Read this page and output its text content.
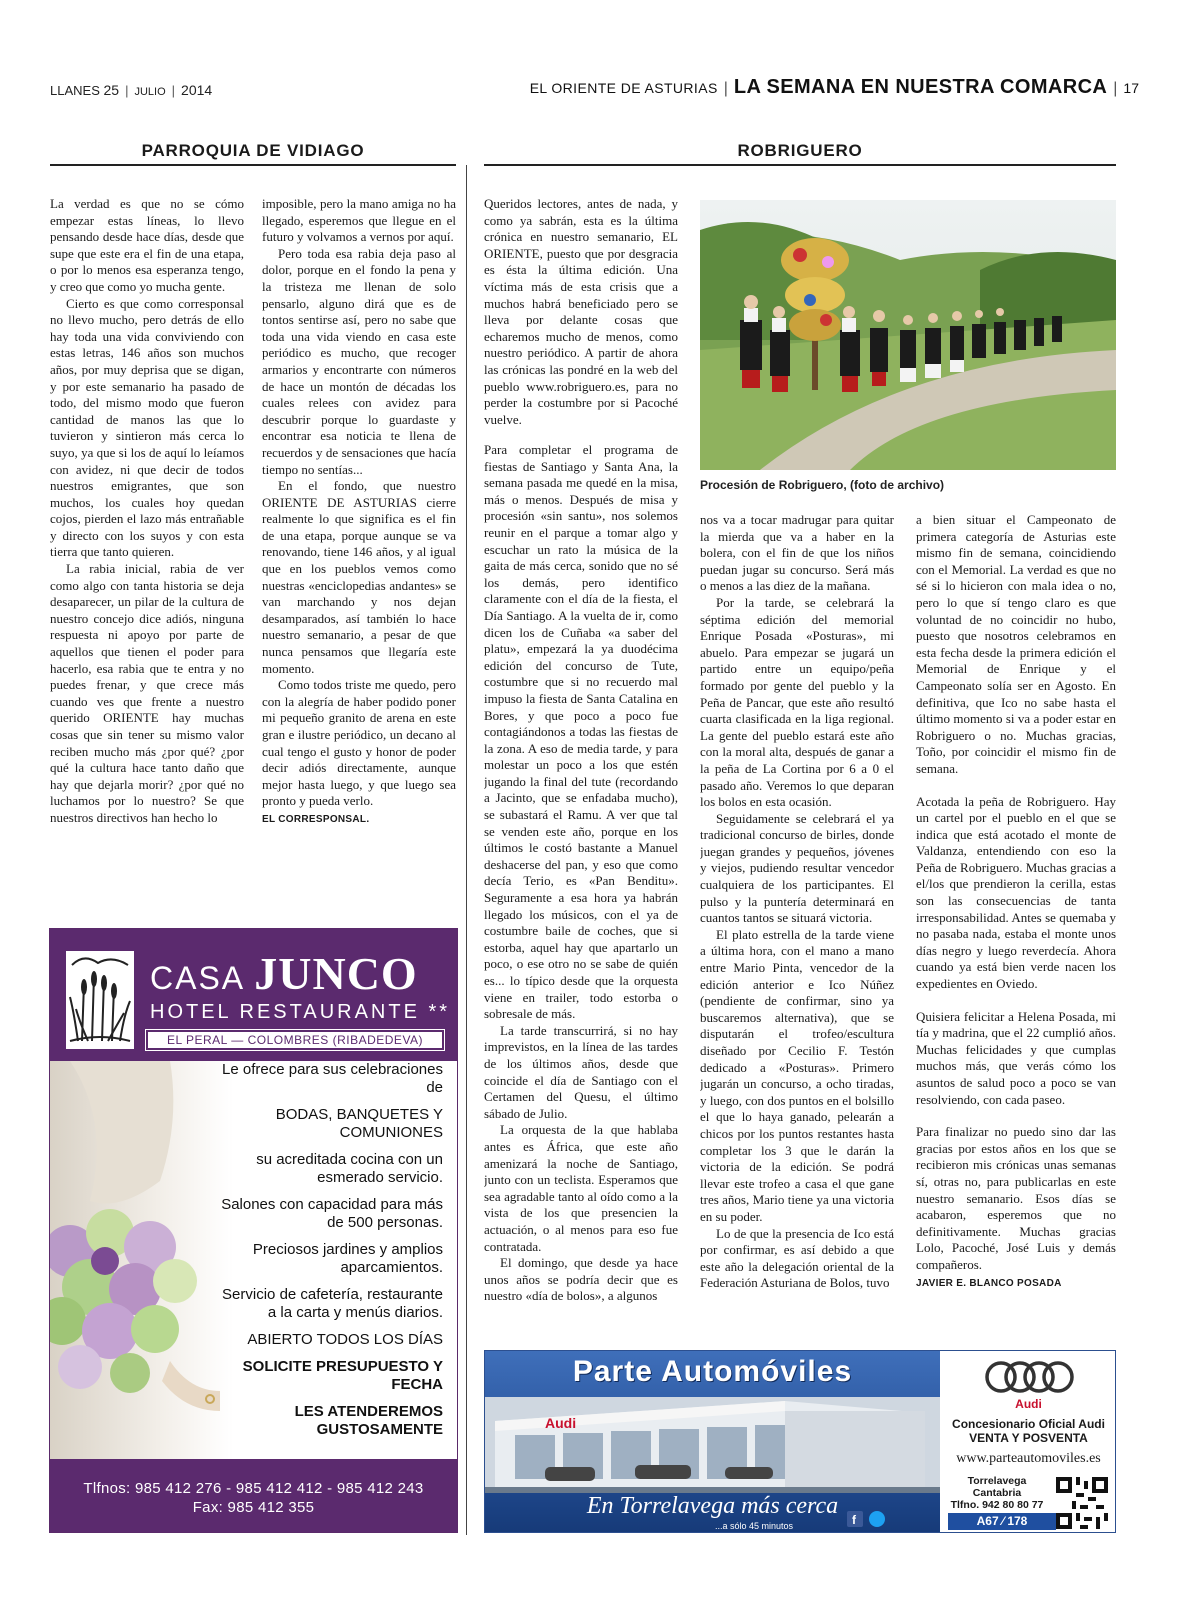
LLANES 25 | JULIO | 2014	EL ORIENTE DE ASTURIAS | LA SEMANA EN NUESTRA COMARCA | 17
PARROQUIA DE VIDIAGO	ROBRIGUERO

La verdad es que no se cómo empezar estas líneas, lo llevo pensando desde hace días, desde que supe que este era el fin de una etapa, o por lo menos esa esperanza tengo, y creo que como yo mucha gente.

Cierto es que como corresponsal no llevo mucho, pero detrás de ello hay toda una vida conviviendo con estas letras, 146 años son muchos años, por muy deprisa que se digan, y por este semanario ha pasado de todo, del mismo modo que fueron cantidad de manos las que lo tuvieron y sintieron más cerca lo suyo, ya que si los de aquí lo leíamos con avidez, ni que decir de todos nuestros emigrantes, que son muchos, los cuales hoy quedan cojos, pierden el lazo más entrañable y directo con los suyos y con esta tierra que tanto quieren.

La rabia inicial, rabia de ver como algo con tanta historia se deja desaparecer, un pilar de la cultura de nuestro concejo dice adiós, ninguna respuesta ni apoyo por parte de aquellos que tienen el poder para hacerlo, esa rabia que te entra y no puedes frenar, y que crece más cuando ves que frente a nuestro querido ORIENTE hay muchas cosas que sin tener su mismo valor reciben mucho más ¿por qué? ¿por qué la cultura hace tanto daño que hay que dejarla morir? ¿por qué no luchamos por lo nuestro? Se que nuestros directivos han hecho lo

imposible, pero la mano amiga no ha llegado, esperemos que llegue en el futuro y volvamos a vernos por aquí.

Pero toda esa rabia deja paso al dolor, porque en el fondo la pena y la tristeza me llenan de solo pensarlo, alguno dirá que es de tontos sentirse así, pero no sabe que toda una vida viendo en casa este periódico es mucho, que recoger armarios y encontrarte con números de hace un montón de décadas los cuales relees con avidez para descubrir porque lo guardaste y encontrar esa noticia te llena de recuerdos y de sensaciones que hacía tiempo no sentías...

En el fondo, que nuestro ORIENTE DE ASTURIAS cierre realmente lo que significa es el fin de una etapa, porque aunque se va renovando, tiene 146 años, y al igual que en los pueblos vemos como nuestras «enciclopedias andantes» se van marchando y nos dejan desamparados, así también lo hace nuestro semanario, a pesar de que nunca pensamos que llegaría este momento.

Como todos triste me quedo, pero con la alegría de haber podido poner mi pequeño granito de arena en este gran e ilustre periódico, un decano al cual tengo el gusto y honor de poder decir adiós directamente, aunque mejor hasta luego, y que luego sea pronto y pueda verlo.

EL CORRESPONSAL.
CASA JUNCO
HOTEL RESTAURANTE **
EL PERAL — COLOMBRES (RIBADEDEVA)
Le ofrece para sus celebraciones de
BODAS, BANQUETES Y COMUNIONES
su acreditada cocina con un esmerado servicio.
Salones con capacidad para más de 500 personas.
Preciosos jardines y amplios aparcamientos.
Servicio de cafetería, restaurante a la carta y menús diarios.
ABIERTO TODOS LOS DÍAS
SOLICITE PRESUPUESTO Y FECHA
LES ATENDEREMOS GUSTOSAMENTE
Tlfnos: 985 412 276 - 985 412 412 - 985 412 243
Fax: 985 412 355

Queridos lectores, antes de nada, y como ya sabrán, esta es la última crónica en nuestro semanario, EL ORIENTE, puesto que por desgracia es ésta la última edición. Una víctima más de esta crisis que a muchos habrá beneficiado pero se lleva por delante cosas que echaremos mucho de menos, como nuestro periódico. A partir de ahora las crónicas las pondré en la web del pueblo www.robriguero.es, para no perder la costumbre por si Pacoché vuelve.

Procesión de Robriguero, (foto de archivo)

Para completar el programa de fiestas de Santiago y Santa Ana, la semana pasada me quedé en la misa, más o menos. Después de misa y procesión «sin santu», nos solemos reunir en el parque a tomar algo y escuchar un rato la música de la gaita de más cerca, sonido que no sé los demás, pero identifico claramente con el día de la fiesta, el Día Santiago. A la vuelta de ir, como dicen los de Cuñaba «a saber del platu», empezará la ya duodécima edición del concurso de Tute, costumbre que si no recuerdo mal impuso la fiesta de Santa Catalina en Bores, y que poco a poco fue contagiándonos a todas las fiestas de la zona. A eso de media tarde, y para molestar un poco a los que estén jugando la final del tute (recordando a Jacinto, que se enfadaba mucho), se subastará el Ramu. A ver que tal se venden este año, porque en los últimos le costó bastante a Manuel deshacerse del pan, y eso que como decía Terio, es «Pan Benditu». Seguramente a esa hora ya habrán llegado los músicos, con el ya de costumbre baile de coches, que si estorba, aquel hay que apartarlo un poco, o ese otro no se sabe de quién es... lo típico desde que la orquesta viene en trailer, todo estorba o sobresale de más.

La tarde transcurrirá, si no hay imprevistos, en la línea de las tardes de los últimos años, desde que coincide el día de Santiago con el Certamen del Quesu, el último sábado de Julio.

La orquesta de la que hablaba antes es África, que este año amenizará la noche de Santiago, junto con un teclista. Esperamos que sea agradable tanto al oído como a la vista de los que presencien la actuación, o al menos para eso fue contratada.

El domingo, que desde ya hace unos años se podría decir que es nuestro «día de bolos», a algunos

nos va a tocar madrugar para quitar la mierda que va a haber en la bolera, con el fin de que los niños puedan jugar su concurso. Será más o menos a las diez de la mañana.

Por la tarde, se celebrará la séptima edición del memorial Enrique Posada «Posturas», mi abuelo. Para empezar se jugará un partido entre un equipo/peña formado por gente del pueblo y la Peña de Pancar, que este año resultó cuarta clasificada en la liga regional. La gente del pueblo estará este año con la moral alta, después de ganar a la peña de La Cortina por 6 a 0 el pasado año. Veremos lo que deparan los bolos en esta ocasión.

Seguidamente se celebrará el ya tradicional concurso de birles, donde juegan grandes y pequeños, jóvenes y viejos, pudiendo resultar vencedor cualquiera de los participantes. El pulso y la puntería determinará en cuantos tantos se situará victoria.

El plato estrella de la tarde viene a última hora, con el mano a mano entre Mario Pinta, vencedor de la edición anterior e Ico Núñez (pendiente de confirmar, sino ya buscaremos alternativa), que se disputarán el trofeo/escultura diseñado por Cecilio F. Testón dedicado a «Posturas». Primero jugarán un concurso, a ocho tiradas, y luego, con dos puntos en el bolsillo el que lo haya ganado, pelearán a chicos por los puntos restantes hasta completar los 3 que le darán la victoria de la edición. Se podrá llevar este trofeo a casa el que gane tres años, Mario tiene ya una victoria en su poder.

Lo de que la presencia de Ico está por confirmar, es así debido a que este año la delegación oriental de la Federación Asturiana de Bolos, tuvo

a bien situar el Campeonato de primera categoría de Asturias este mismo fin de semana, coincidiendo con el Memorial. La verdad es que no sé si lo hicieron con mala idea o no, pero lo que sí tengo claro es que voluntad de no coincidir no hubo, puesto que nosotros celebramos en esta fecha desde la primera edición el Memorial de Enrique y el Campeonato solía ser en Agosto. En definitiva, que Ico no sabe hasta el último momento si va a poder estar en Robriguero o no. Muchas gracias, Toño, por coincidir el mismo fin de semana.

Acotada la peña de Robriguero. Hay un cartel por el pueblo en el que se indica que está acotado el monte de Valdanza, entendiendo con eso la Peña de Robriguero. Muchas gracias a el/los que prendieron la cerilla, estas son las consecuencias de tanta irresponsabilidad. Antes se quemaba y no pasaba nada, estaba el monte unos días negro y luego reverdecía. Ahora cuando ya está bien verde nacen los expedientes en Oviedo.

Quisiera felicitar a Helena Posada, mi tía y madrina, que el 22 cumplió años. Muchas felicidades y que cumplas muchos más, que verás cómo los asuntos de salud poco a poco se van resolviendo, con cada paseo.

Para finalizar no puedo sino dar las gracias por estos años en los que se recibieron mis crónicas unas semanas sí, otras no, para publicarlas en este nuestro semanario. Esos días se acabaron, esperemos que no definitivamente. Muchas gracias Lolo, Pacoché, José Luis y demás compañeros.

JAVIER E. BLANCO POSADA
Audi
Parte Automóviles
En Torrelavega más cerca
...a sólo 45 minutos	f
Audi
Concesionario Oficial Audi
VENTA Y POSVENTA
www.parteautomoviles.es
Torrelavega
Cantabria
Tlfno. 942 80 80 77
A67 ⁄ 178
